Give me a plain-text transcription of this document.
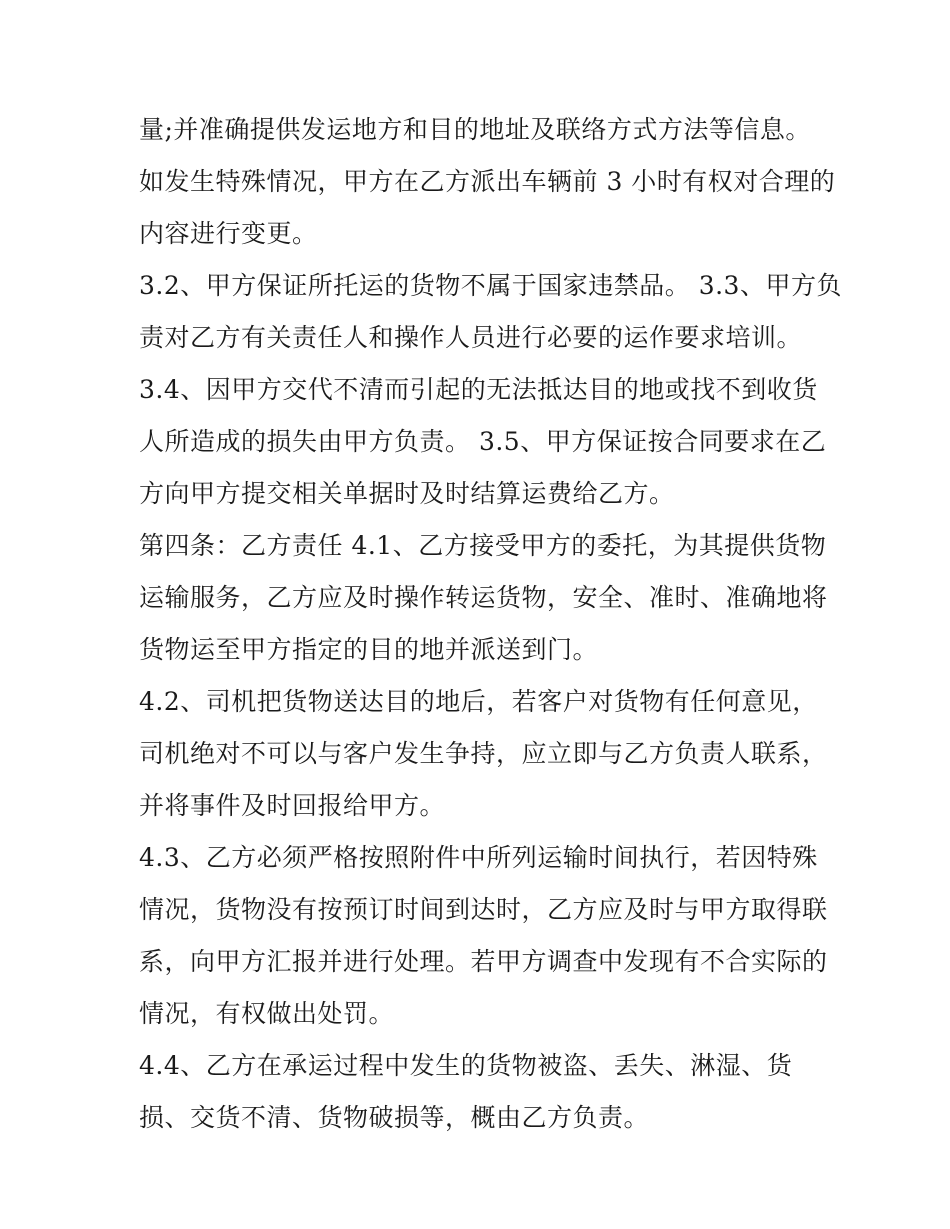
量;并准确提供发运地方和目的地址及联络方式方法等信息。
如发生特殊情况，甲方在乙方派出车辆前 3 小时有权对合理的
内容进行变更。
3.2、甲方保证所托运的货物不属于国家违禁品。 3.3、甲方负
责对乙方有关责任人和操作人员进行必要的运作要求培训。
3.4、因甲方交代不清而引起的无法抵达目的地或找不到收货
人所造成的损失由甲方负责。 3.5、甲方保证按合同要求在乙
方向甲方提交相关单据时及时结算运费给乙方。
第四条：乙方责任 4.1、乙方接受甲方的委托，为其提供货物
运输服务，乙方应及时操作转运货物，安全、准时、准确地将
货物运至甲方指定的目的地并派送到门。
4.2、司机把货物送达目的地后，若客户对货物有任何意见，
司机绝对不可以与客户发生争持，应立即与乙方负责人联系，
并将事件及时回报给甲方。
4.3、乙方必须严格按照附件中所列运输时间执行，若因特殊
情况，货物没有按预订时间到达时，乙方应及时与甲方取得联
系，向甲方汇报并进行处理。若甲方调查中发现有不合实际的
情况，有权做出处罚。
4.4、乙方在承运过程中发生的货物被盗、丢失、淋湿、货
损、交货不清、货物破损等，概由乙方负责。
